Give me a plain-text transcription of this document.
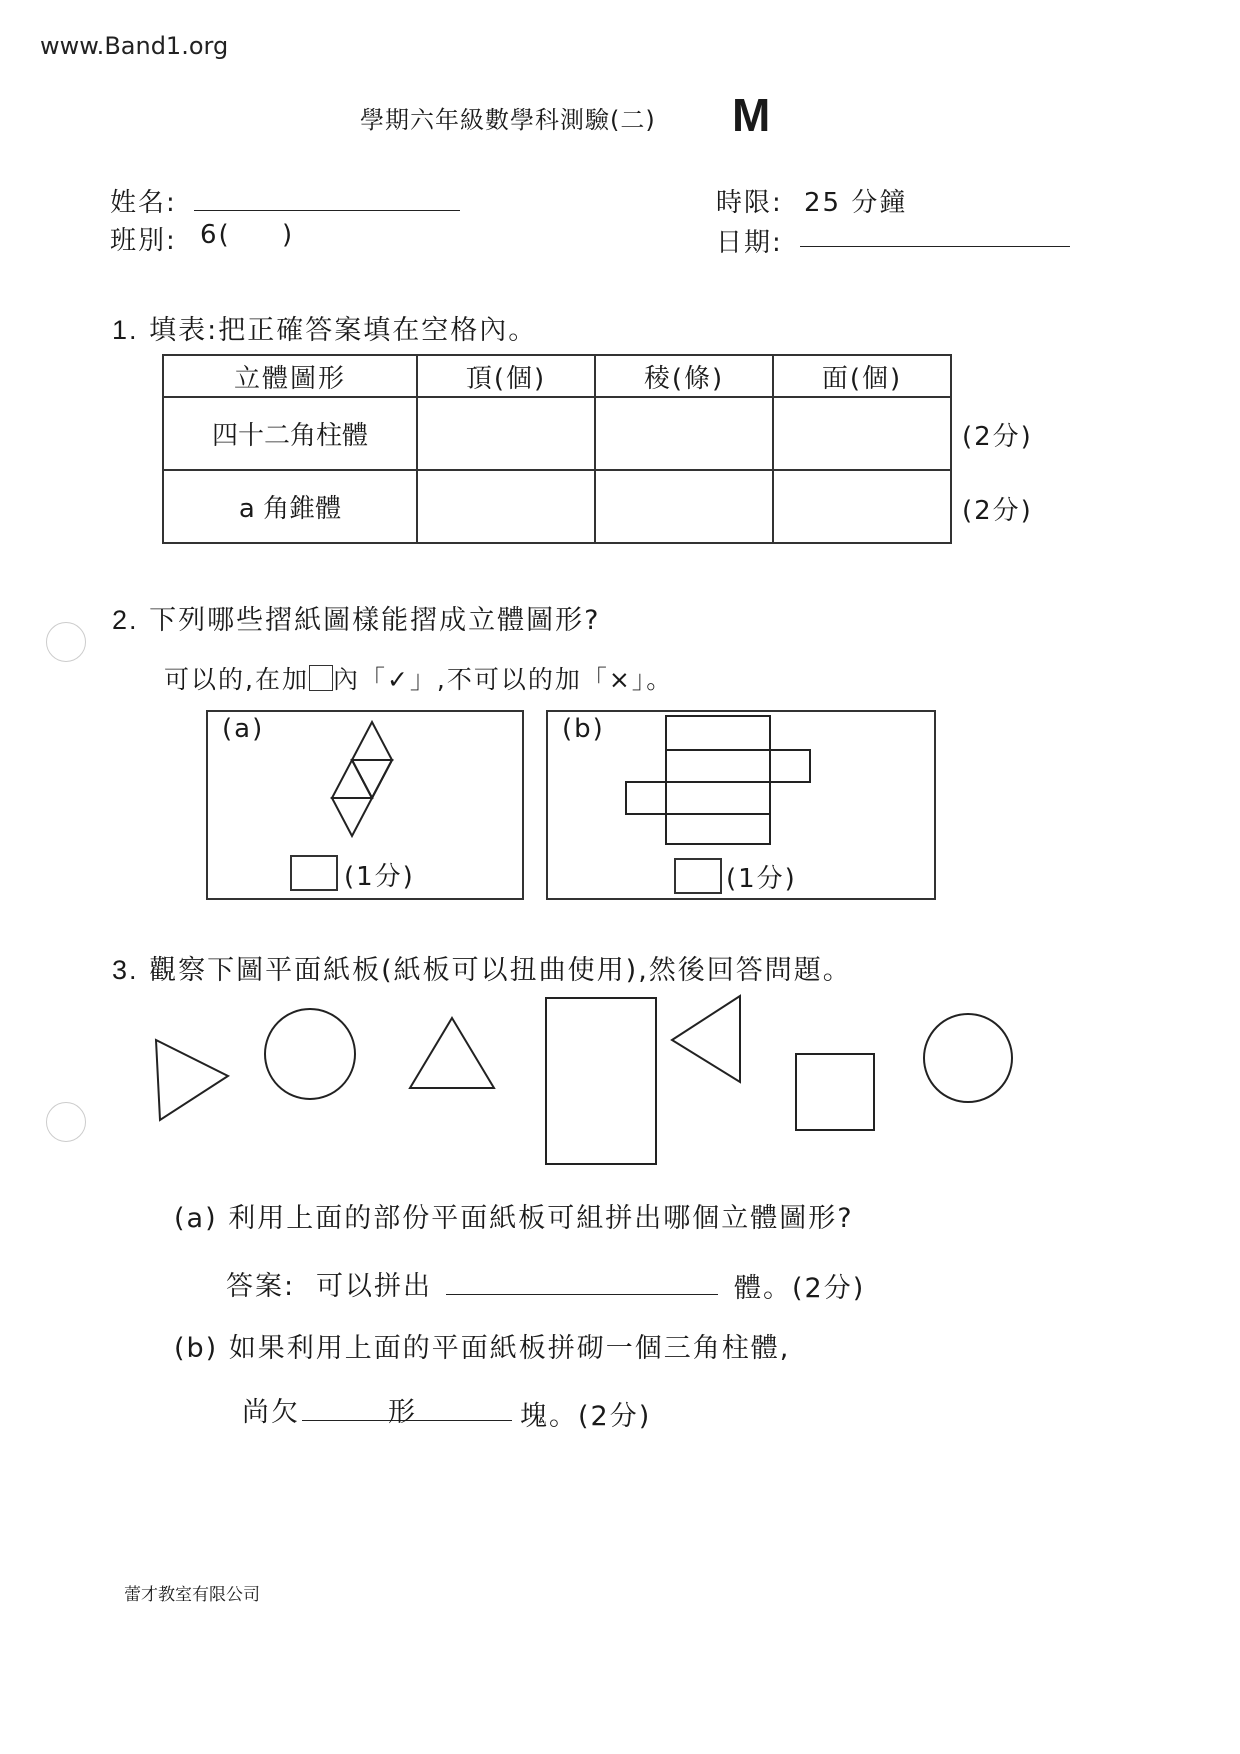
www.Band1.org
學期六年級數學科測驗(二) M
姓名:
班別: 6(     )
時限: 25 分鐘
日期:
1. 填表:把正確答案填在空格內。
立體圖形	頂(個)	稜(條)	面(個)
四十二角柱體			
a 角錐體			
(2分)
(2分)
2. 下列哪些摺紙圖樣能摺成立體圖形?
可以的,在加 內「✓」,不可以的加「×」。
(a)
(1分)
(b)
(1分)
3. 觀察下圖平面紙板(紙板可以扭曲使用),然後回答問題。
(a) 利用上面的部份平面紙板可組拼出哪個立體圖形?
答案: 可以拼出	體。(2分)
(b) 如果利用上面的平面紙板拼砌一個三角柱體,
尚欠	形	塊。(2分)
蕾才教室有限公司
